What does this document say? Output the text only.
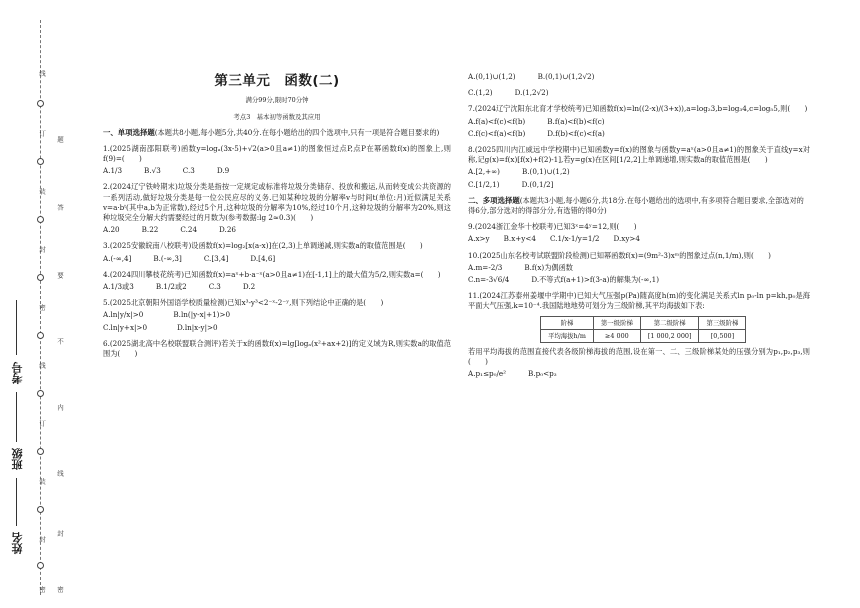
线
订
装
封
密
线
订
装
封
密
题
答
要
不
内
线
封
密
考号
班级
姓名
第三单元　函数(二)
满分99分,限时70分钟
考点3　基本初等函数及其应用
一、单项选择题(本题共8小题,每小题5分,共40分.在每小题给出的四个选项中,只有一项是符合题目要求的)

1.(2025湖南邵阳联考)函数y=logₐ(3x-5)+√2(a>0且a≠1)的图象恒过点P,点P在幂函数f(x)的图象上,则f(9)=(　　)

A.1/3	B.√3	C.3	D.9

2.(2024辽宁铁岭期末)垃圾分类是指按一定规定或标准将垃圾分类储存、投放和搬运,从而转变成公共资源的一系列活动,做好垃圾分类是每一位公民应尽的义务.已知某种垃圾的分解率v与时间t(单位:月)近似满足关系v=a·bᵗ(其中a,b为正常数),经过5个月,这种垃圾的分解率为10%,经过10个月,这种垃圾的分解率为20%,则这种垃圾完全分解大约需要经过的月数为(参考数据:lg 2≈0.3)(　　)

A.20	B.22	C.24	D.26

3.(2025安徽皖南八校联考)设函数f(x)=log₂[x(a-x)]在(2,3)上单调递减,则实数a的取值范围是(　　)

A.(-∞,4]	B.(-∞,3]	C.[3,4]	D.[4,6]

4.(2024四川攀枝花统考)已知函数f(x)=aˣ+b·a⁻ˣ(a>0且a≠1)在[-1,1]上的最大值为5/2,则实数a=(　　)

A.1/3或3	B.1/2或2	C.3	D.2

5.(2025北京朝阳外国语学校质量检测)已知x³-y³<2⁻ˣ-2⁻ʸ,则下列结论中正确的是(　　)

A.ln|y/x|>0	B.ln(|y-x|+1)>0
C.ln|y+x|>0	D.ln|x-y|>0

6.(2025湖北高中名校联盟联合测评)若关于x的函数f(x)=lg[logₐ(x²+ax+2)]的定义域为R,则实数a的取值范围为(　　)

A.(0,1)∪(1,2)	B.(0,1)∪(1,2√2)
C.(1,2)	D.(1,2√2)

7.(2024辽宁沈阳东北育才学校统考)已知函数f(x)=ln((2-x)/(3+x)),a=log₂3,b=log₃4,c=log₅5,则(　　)

A.f(a)<f(c)<f(b)	B.f(a)<f(b)<f(c)
C.f(c)<f(a)<f(b)	D.f(b)<f(c)<f(a)

8.(2025四川内江威远中学校期中)已知函数y=f(x)的图象与函数y=aˣ(a>0且a≠1)的图象关于直线y=x对称,记g(x)=f(x)[f(x)+f(2)-1],若y=g(x)在区间[1/2,2]上单调递增,则实数a的取值范围是(　　)

A.[2,+∞)	B.(0,1)∪(1,2)
C.[1/2,1)	D.(0,1/2]
二、多项选择题(本题共3小题,每小题6分,共18分.在每小题给出的选项中,有多项符合题目要求,全部选对的得6分,部分选对的得部分分,有选错的得0分)

9.(2024浙江金华十校联考)已知3ˣ=4ʸ=12,则(　　)

A.x>y B.x+y<4 C.1/x-1/y=1/2 D.xy>4

10.(2025山东名校考试联盟阶段检测)已知幂函数f(x)=(9m²-3)xᵐ的图象过点(n,1/m),则(　　)

A.m=-2/3	B.f(x)为偶函数
C.n=-3√6/4	D.不等式f(a+1)>f(3-a)的解集为(-∞,1)

11.(2024江苏泰州姜堰中学期中)已知大气压强p(Pa)随高度h(m)的变化满足关系式ln p₀-ln p=kh,p₀是海平面大气压强,k=10⁻⁴.我国陆地地势可划分为三级阶梯,其平均海拔如下表:

阶梯	第一级阶梯	第二级阶梯	第三级阶梯
平均海拔h/m	≥4 000	[1 000,2 000]	[0,500]

若用平均海拔的范围直接代表各级阶梯海拔的范围,设在第一、二、三级阶梯某处的压强分别为p₁,p₂,p₃,则(　　)

A.p₁≤p₀/e²	B.p₀<p₃
